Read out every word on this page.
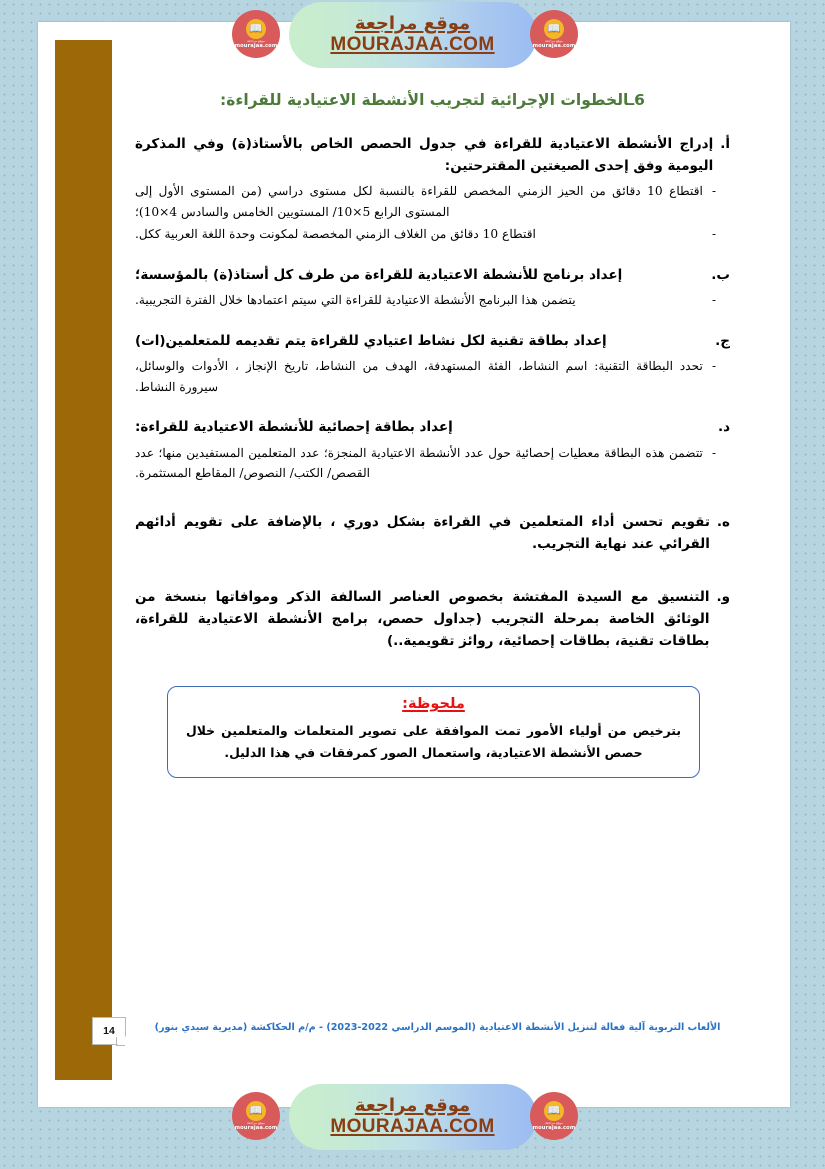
📖
موقع مراجعة
mourajaa.com
موقع مراجعة
MOURAJAA.COM
📖
موقع مراجعة
mourajaa.com
6ـالخطوات الإجرائية لتجريب الأنشطة الاعتيادية للقراءة:
أ.
إدراج الأنشطة الاعتيادية للقراءة في جدول الحصص الخاص بالأستاذ(ة) وفي المذكرة اليومية وفق إحدى الصيغتين المقترحتين:
-
اقتطاع 10 دقائق من الحيز الزمني المخصص للقراءة بالنسبة لكل مستوى دراسي (من المستوى الأول إلى المستوى الرابع 5×10/ المستويين الخامس والسادس 4×10)؛
-
اقتطاع 10 دقائق من الغلاف الزمني المخصصة لمكونت وحدة اللغة العربية ككل.
ب.
إعداد برنامج للأنشطة الاعتيادية للقراءة من طرف كل أستاذ(ة) بالمؤسسة؛
-
يتضمن هذا البرنامج الأنشطة الاعتيادية للقراءة التي سيتم اعتمادها خلال الفترة التجريبية.
ج.
إعداد بطاقة تقنية لكل نشاط اعتيادي للقراءة يتم تقديمه للمتعلمين(ات)
-
تحدد البطاقة التقنية: اسم النشاط، الفئة المستهدفة، الهدف من النشاط، تاريخ الإنجاز ، الأدوات والوسائل، سيرورة النشاط.
د.
إعداد بطاقة إحصائية للأنشطة الاعتيادية للقراءة:
-
تتضمن هذه البطاقة معطيات إحصائية حول عدد الأنشطة الاعتيادية المنجزة؛ عدد المتعلمين المستفيدين منها؛ عدد القصص/ الكتب/ النصوص/ المقاطع المستثمرة.
ه.
تقويم تحسن أداء المتعلمين في القراءة بشكل دوري ، بالإضافة على تقويم أدائهم القرائي عند نهاية التجريب.
و.
التنسيق مع السيدة المفتشة بخصوص العناصر السالفة الذكر وموافاتها بنسخة من الوثائق الخاصة بمرحلة التجريب (جداول حصص، برامج الأنشطة الاعتيادية للقراءة، بطاقات تقنية، بطاقات إحصائية، روائز تقويمية..)
ملحوظة:

بترخيص من أولياء الأمور تمت الموافقة على تصوير المتعلمات والمتعلمين خلال حصص الأنشطة الاعتيادية، واستعمال الصور كمرفقات في هذا الدليل.

الألعاب التربوية آلية فعالة لتنزيل الأنشطة الاعتيادية (الموسم الدراسي 2022-2023) - م/م الحكاكشة (مديرية سيدي بنور)
14
📖
موقع مراجعة
mourajaa.com
موقع مراجعة
MOURAJAA.COM
📖
موقع مراجعة
mourajaa.com
